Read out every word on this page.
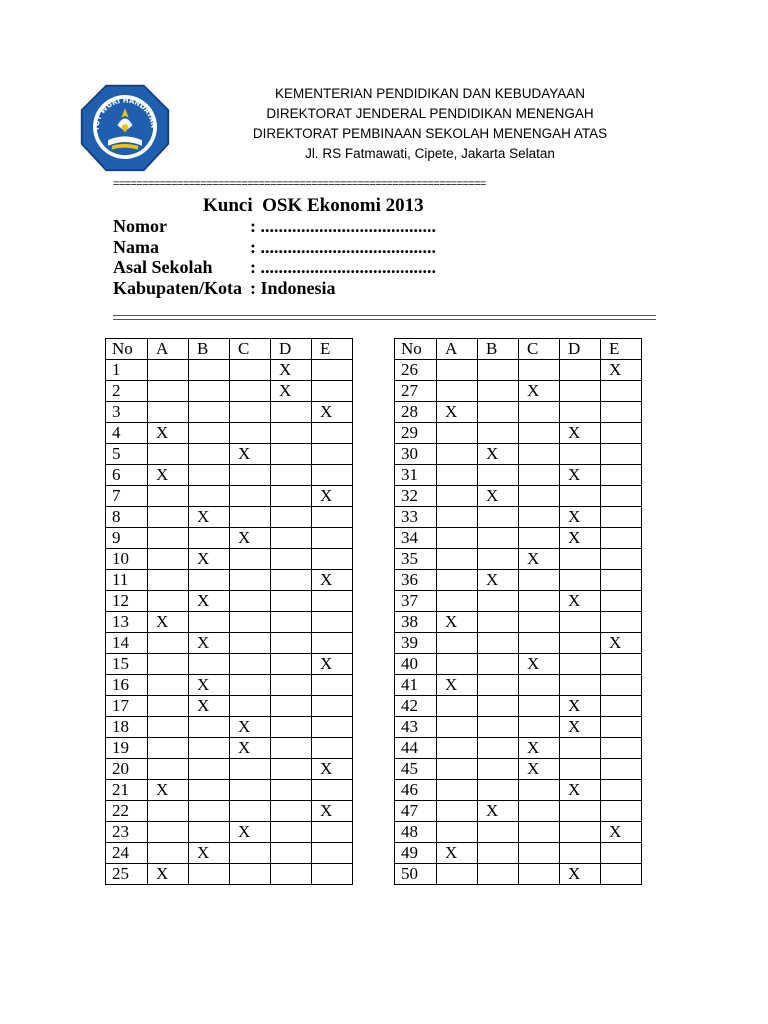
TUT WURI HANDAYAN
KEMENTERIAN PENDIDIKAN DAN KEBUDAYAAN
DIREKTORAT JENDERAL PENDIDIKAN MENENGAH
DIREKTORAT PEMBINAAN SEKOLAH MENENGAH ATAS
Jl. RS Fatmawati, Cipete, Jakarta Selatan
================================================================
Kunci  OSK Ekonomi 2013
Nomor	: .......................................
Nama	: .......................................
Asal Sekolah : .......................................
Kabupaten/Kota : Indonesia
No	A	B	C	D	E
1				X	
2				X	
3					X
4	X				
5			X		
6	X				
7					X
8		X			
9			X		
10		X			
11					X
12		X			
13	X				
14		X			
15					X
16		X			
17		X			
18			X		
19			X		
20					X
21	X				
22					X
23			X		
24		X			
25	X				
No	A	B	C	D	E
26					X
27			X		
28	X				
29				X	
30		X			
31				X	
32		X			
33				X	
34				X	
35			X		
36		X			
37				X	
38	X				
39					X
40			X		
41	X				
42				X	
43				X	
44			X		
45			X		
46				X	
47		X			
48					X
49	X				
50				X	
